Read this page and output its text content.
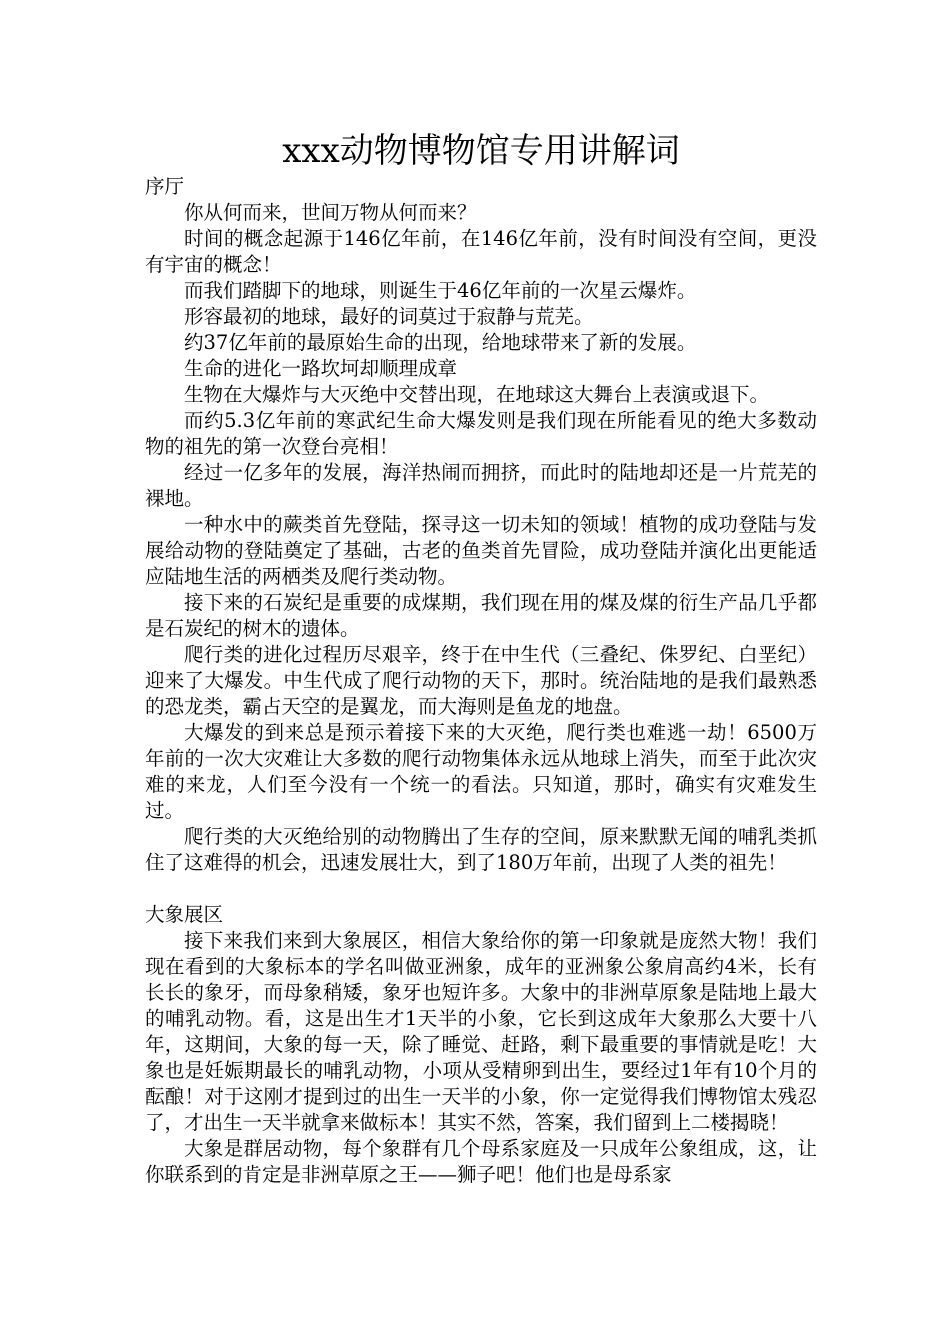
xxx动物博物馆专用讲解词

序厅

你从何而来，世间万物从何而来？

时间的概念起源于146亿年前，在146亿年前，没有时间没有空间，更没有宇宙的概念！

而我们踏脚下的地球，则诞生于46亿年前的一次星云爆炸。

形容最初的地球，最好的词莫过于寂静与荒芜。

约37亿年前的最原始生命的出现，给地球带来了新的发展。

生命的进化一路坎坷却顺理成章

生物在大爆炸与大灭绝中交替出现，在地球这大舞台上表演或退下。

而约5.3亿年前的寒武纪生命大爆发则是我们现在所能看见的绝大多数动物的祖先的第一次登台亮相！

经过一亿多年的发展，海洋热闹而拥挤，而此时的陆地却还是一片荒芜的裸地。

一种水中的蕨类首先登陆，探寻这一切未知的领域！植物的成功登陆与发展给动物的登陆奠定了基础，古老的鱼类首先冒险，成功登陆并演化出更能适应陆地生活的两栖类及爬行类动物。

接下来的石炭纪是重要的成煤期，我们现在用的煤及煤的衍生产品几乎都是石炭纪的树木的遗体。

爬行类的进化过程历尽艰辛，终于在中生代（三叠纪、侏罗纪、白垩纪）迎来了大爆发。中生代成了爬行动物的天下，那时。统治陆地的是我们最熟悉的恐龙类，霸占天空的是翼龙，而大海则是鱼龙的地盘。

大爆发的到来总是预示着接下来的大灭绝，爬行类也难逃一劫！6500万年前的一次大灾难让大多数的爬行动物集体永远从地球上消失，而至于此次灾难的来龙，人们至今没有一个统一的看法。只知道，那时，确实有灾难发生过。

爬行类的大灭绝给别的动物腾出了生存的空间，原来默默无闻的哺乳类抓住了这难得的机会，迅速发展壮大，到了180万年前，出现了人类的祖先！

大象展区

接下来我们来到大象展区，相信大象给你的第一印象就是庞然大物！我们现在看到的大象标本的学名叫做亚洲象，成年的亚洲象公象肩高约4米，长有长长的象牙，而母象稍矮，象牙也短许多。大象中的非洲草原象是陆地上最大的哺乳动物。看，这是出生才1天半的小象，它长到这成年大象那么大要十八年，这期间，大象的每一天，除了睡觉、赶路，剩下最重要的事情就是吃！大象也是妊娠期最长的哺乳动物，小项从受精卵到出生，要经过1年有10个月的酝酿！对于这刚才提到过的出生一天半的小象，你一定觉得我们博物馆太残忍了，才出生一天半就拿来做标本！其实不然，答案，我们留到上二楼揭晓！

大象是群居动物，每个象群有几个母系家庭及一只成年公象组成，这，让你联系到的肯定是非洲草原之王——狮子吧！他们也是母系家
